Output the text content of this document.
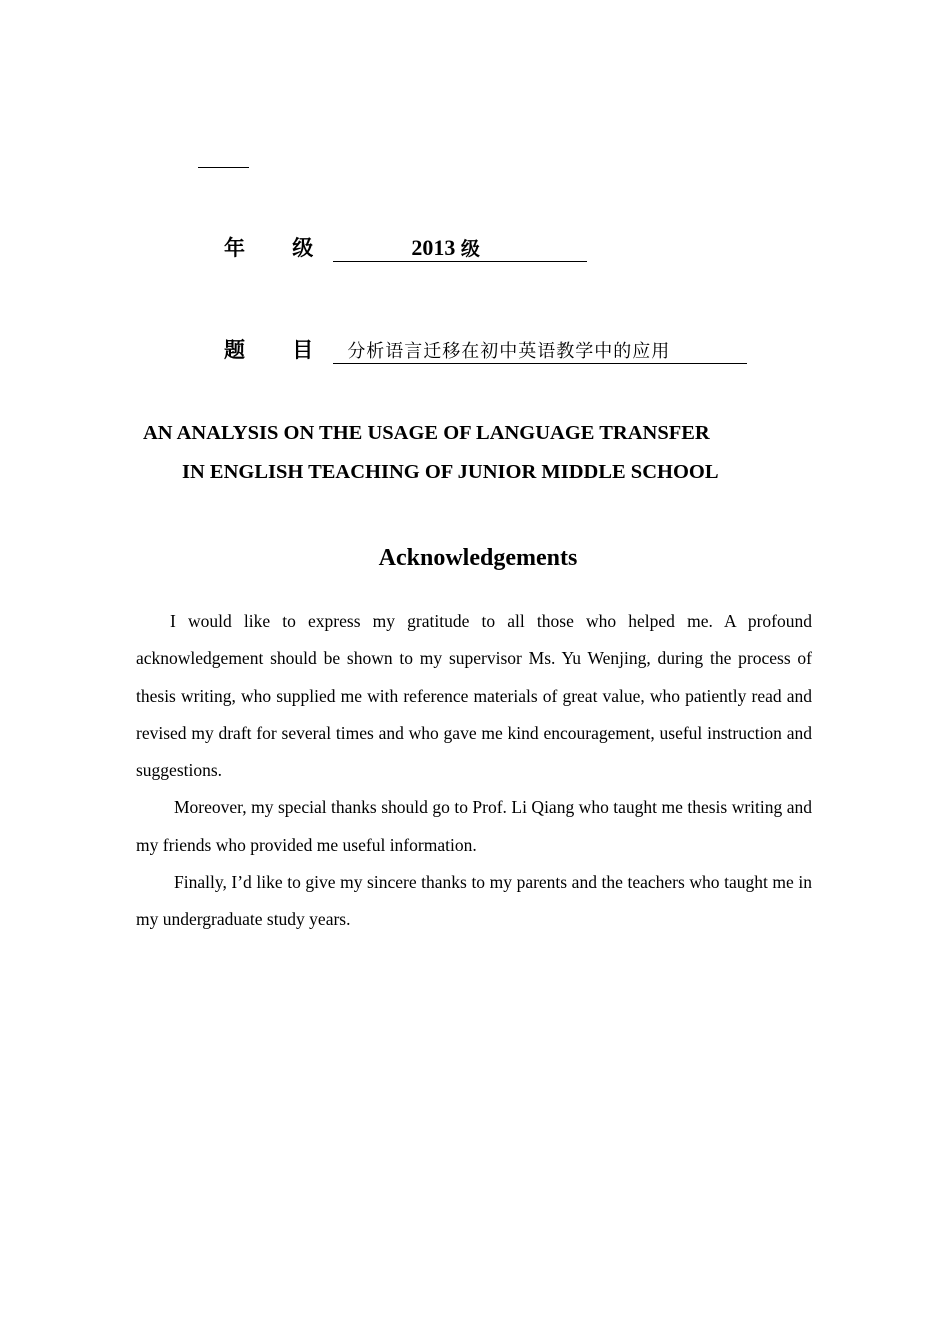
年 级	2013 级
题 目 分析语言迁移在初中英语教学中的应用
AN ANALYSIS ON THE USAGE OF LANGUAGE TRANSFER
IN ENGLISH TEACHING OF JUNIOR MIDDLE SCHOOL
Acknowledgements

I would like to express my gratitude to all those who helped me. A profound acknowledgement should be shown to my supervisor Ms. Yu Wenjing, during the process of thesis writing, who supplied me with reference materials of great value, who patiently read and revised my draft for several times and who gave me kind encouragement, useful instruction and suggestions.

Moreover, my special thanks should go to Prof. Li Qiang who taught me thesis writing and my friends who provided me useful information.

Finally, I’d like to give my sincere thanks to my parents and the teachers who taught me in my undergraduate study years.
